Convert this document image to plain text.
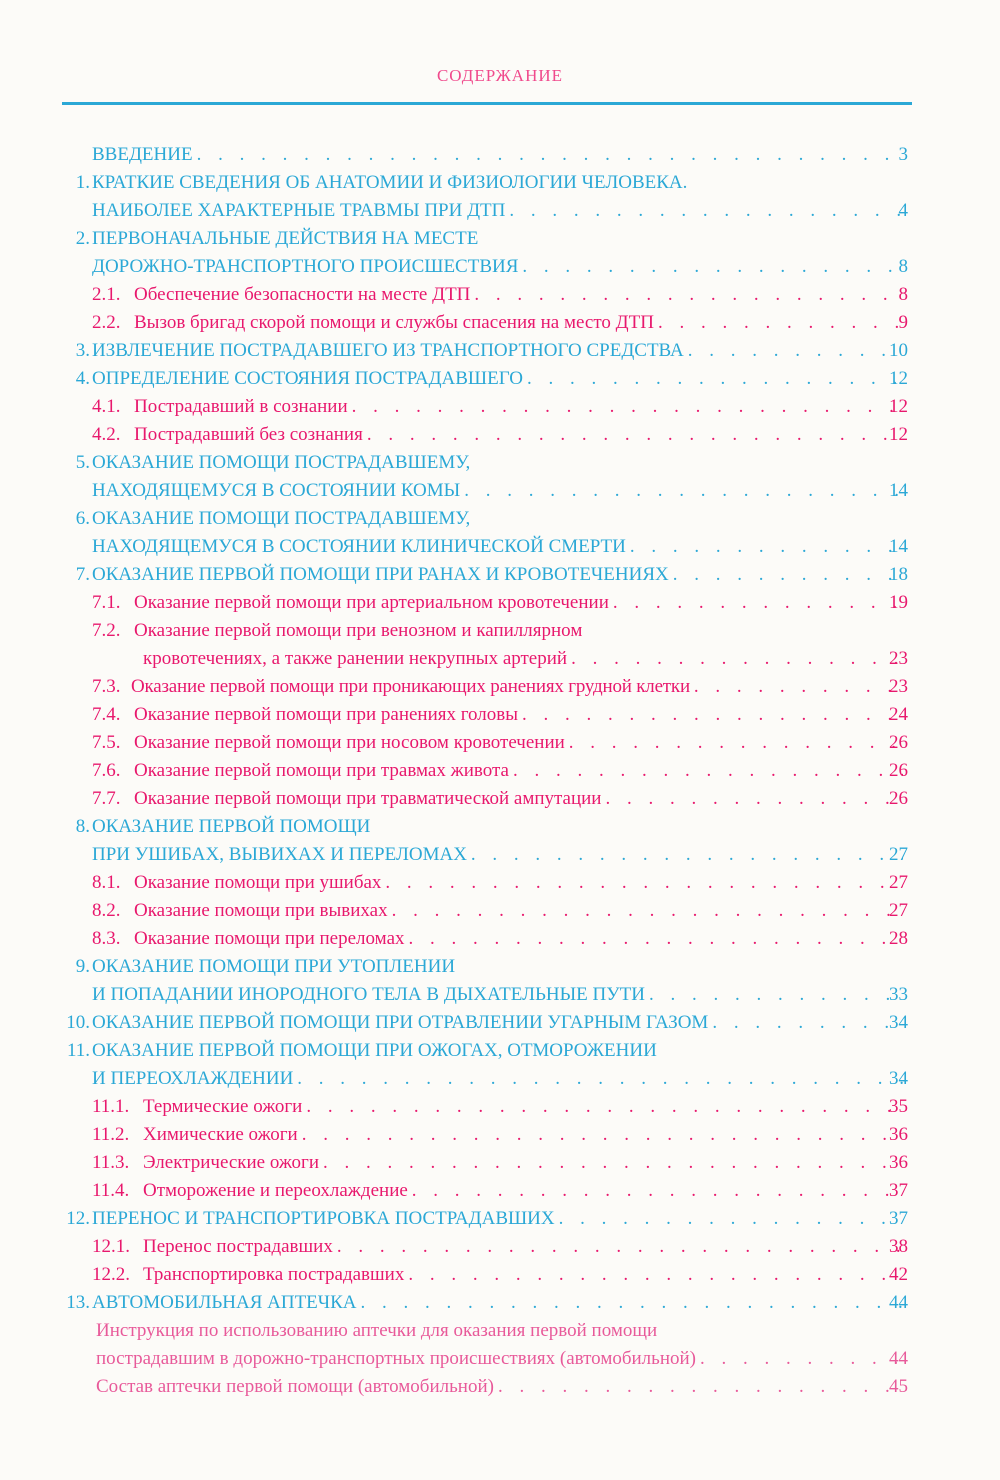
СОДЕРЖАНИЕ
ВВЕДЕНИЕ . . .	3
1. КРАТКИЕ СВЕДЕНИЯ ОБ АНАТОМИИ И ФИЗИОЛОГИИ ЧЕЛОВЕКА.
НАИБОЛЕЕ ХАРАКТЕРНЫЕ ТРАВМЫ ПРИ ДТП . . .	4
2. ПЕРВОНАЧАЛЬНЫЕ ДЕЙСТВИЯ НА МЕСТЕ
ДОРОЖНО-ТРАНСПОРТНОГО ПРОИСШЕСТВИЯ . . .	8
2.1. Обеспечение безопасности на месте ДТП . . .	8
2.2. Вызов бригад скорой помощи и службы спасения на место ДТП . . .	9
3. ИЗВЛЕЧЕНИЕ ПОСТРАДАВШЕГО ИЗ ТРАНСПОРТНОГО СРЕДСТВА . . .	10
4. ОПРЕДЕЛЕНИЕ СОСТОЯНИЯ ПОСТРАДАВШЕГО . . .	12
4.1. Пострадавший в сознании . . .	12
4.2. Пострадавший без сознания . . .	12
5. ОКАЗАНИЕ ПОМОЩИ ПОСТРАДАВШЕМУ,
НАХОДЯЩЕМУСЯ В СОСТОЯНИИ КОМЫ . . .	14
6. ОКАЗАНИЕ ПОМОЩИ ПОСТРАДАВШЕМУ,
НАХОДЯЩЕМУСЯ В СОСТОЯНИИ КЛИНИЧЕСКОЙ СМЕРТИ . . .	14
7. ОКАЗАНИЕ ПЕРВОЙ ПОМОЩИ ПРИ РАНАХ И КРОВОТЕЧЕНИЯХ . . .	18
7.1. Оказание первой помощи при артериальном кровотечении . . .	19
7.2. Оказание первой помощи при венозном и капиллярном
кровотечениях, а также ранении некрупных артерий . . .	23
7.3. Оказание первой помощи при проникающих ранениях грудной клетки . . .	23
7.4. Оказание первой помощи при ранениях головы . . .	24
7.5. Оказание первой помощи при носовом кровотечении . . .	26
7.6. Оказание первой помощи при травмах живота . . .	26
7.7. Оказание первой помощи при травматической ампутации . . .	26
8. ОКАЗАНИЕ ПЕРВОЙ ПОМОЩИ
ПРИ УШИБАХ, ВЫВИХАХ И ПЕРЕЛОМАХ . . .	27
8.1. Оказание помощи при ушибах . . .	27
8.2. Оказание помощи при вывихах . . .	27
8.3. Оказание помощи при переломах . . .	28
9. ОКАЗАНИЕ ПОМОЩИ ПРИ УТОПЛЕНИИ
И ПОПАДАНИИ ИНОРОДНОГО ТЕЛА В ДЫХАТЕЛЬНЫЕ ПУТИ . . .	33
10. ОКАЗАНИЕ ПЕРВОЙ ПОМОЩИ ПРИ ОТРАВЛЕНИИ УГАРНЫМ ГАЗОМ . . .	34
11. ОКАЗАНИЕ ПЕРВОЙ ПОМОЩИ ПРИ ОЖОГАХ, ОТМОРОЖЕНИИ
И ПЕРЕОХЛАЖДЕНИИ . . .	34
11.1. Термические ожоги . . .	35
11.2. Химические ожоги . . .	36
11.3. Электрические ожоги . . .	36
11.4. Отморожение и переохлаждение . . .	37
12. ПЕРЕНОС И ТРАНСПОРТИРОВКА ПОСТРАДАВШИХ . . .	37
12.1. Перенос пострадавших . . .	38
12.2. Транспортировка пострадавших . . .	42
13. АВТОМОБИЛЬНАЯ АПТЕЧКА . . .	44
Инструкция по использованию аптечки для оказания первой помощи
пострадавшим в дорожно-транспортных происшествиях (автомобильной) . . .	44
Состав аптечки первой помощи (автомобильной) . . .	45
